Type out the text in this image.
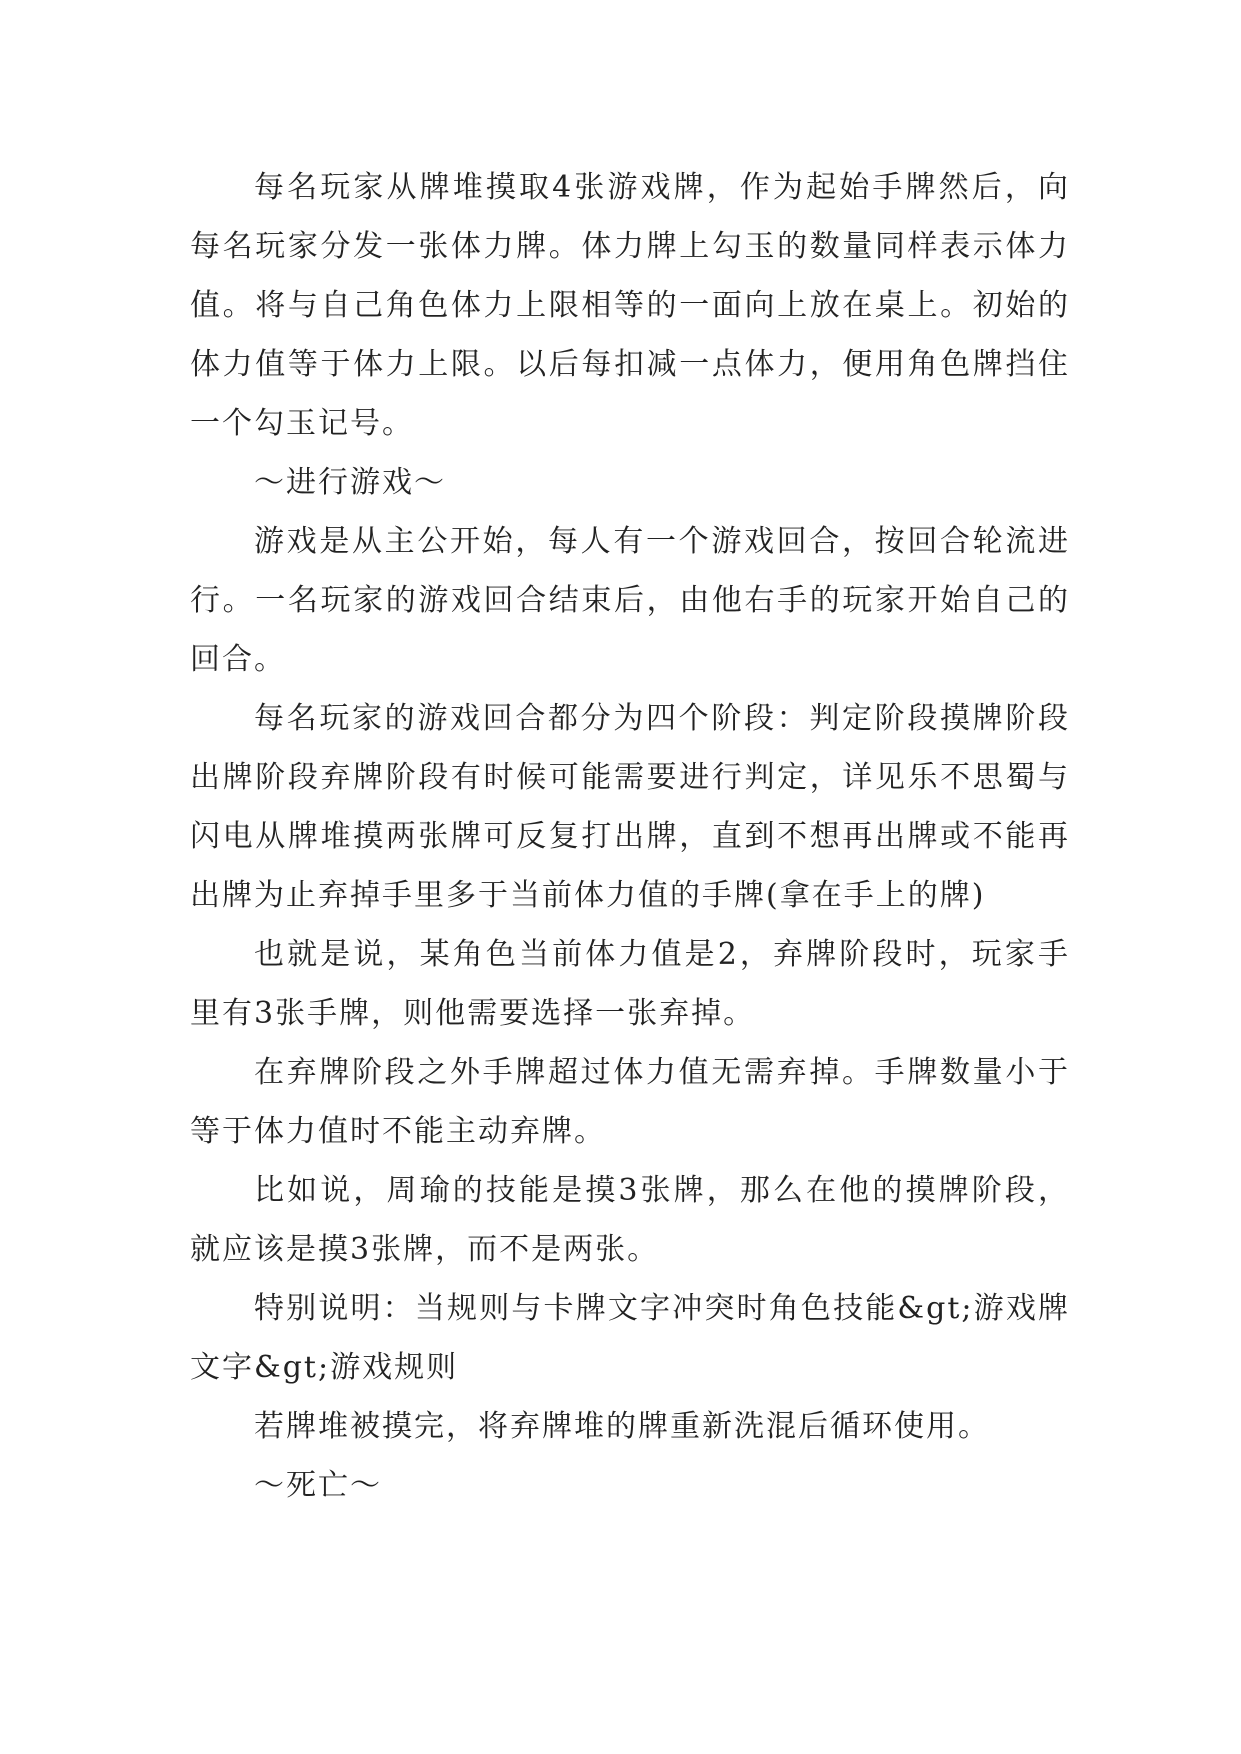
每名玩家从牌堆摸取4张游戏牌，作为起始手牌然后，向每名玩家分发一张体力牌。体力牌上勾玉的数量同样表示体力值。将与自己角色体力上限相等的一面向上放在桌上。初始的体力值等于体力上限。以后每扣减一点体力，便用角色牌挡住一个勾玉记号。

～进行游戏～

游戏是从主公开始，每人有一个游戏回合，按回合轮流进行。一名玩家的游戏回合结束后，由他右手的玩家开始自己的回合。

每名玩家的游戏回合都分为四个阶段：判定阶段摸牌阶段出牌阶段弃牌阶段有时候可能需要进行判定，详见乐不思蜀与闪电从牌堆摸两张牌可反复打出牌，直到不想再出牌或不能再出牌为止弃掉手里多于当前体力值的手牌(拿在手上的牌)

也就是说，某角色当前体力值是2，弃牌阶段时，玩家手里有3张手牌，则他需要选择一张弃掉。

在弃牌阶段之外手牌超过体力值无需弃掉。手牌数量小于等于体力值时不能主动弃牌。

比如说，周瑜的技能是摸3张牌，那么在他的摸牌阶段，就应该是摸3张牌，而不是两张。

特别说明：当规则与卡牌文字冲突时角色技能&gt;游戏牌文字&gt;游戏规则

若牌堆被摸完，将弃牌堆的牌重新洗混后循环使用。

～死亡～
